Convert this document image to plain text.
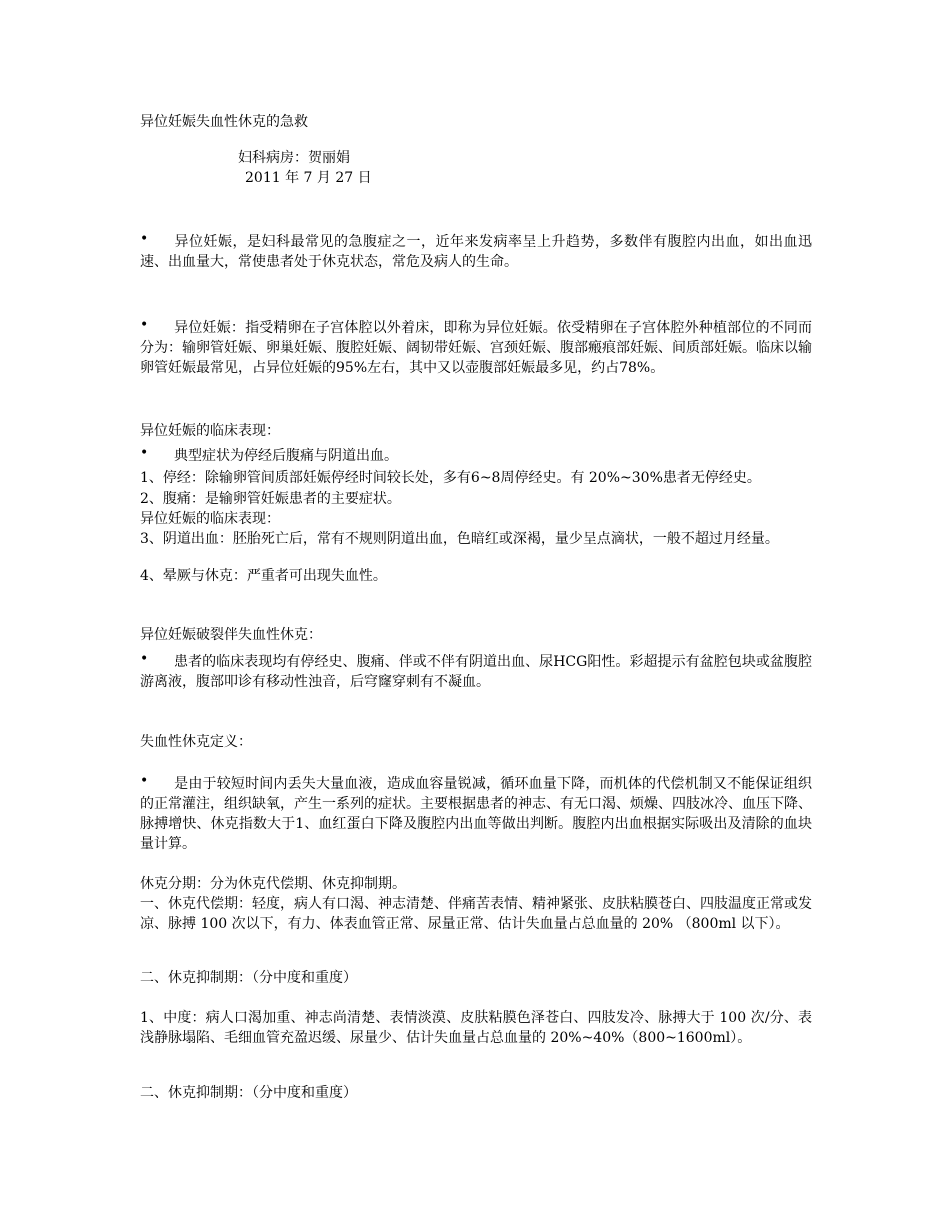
异位妊娠失血性休克的急救

妇科病房：贺丽娟

2011 年 7 月 27 日

• 异位妊娠，是妇科最常见的急腹症之一，近年来发病率呈上升趋势，多数伴有腹腔内出血，如出血迅速、出血量大，常使患者处于休克状态，常危及病人的生命。
• 异位妊娠：指受精卵在子宫体腔以外着床，即称为异位妊娠。依受精卵在子宫体腔外种植部位的不同而分为：输卵管妊娠、卵巢妊娠、腹腔妊娠、阔韧带妊娠、宫颈妊娠、腹部瘢痕部妊娠、间质部妊娠。临床以输卵管妊娠最常见，占异位妊娠的95%左右，其中又以壶腹部妊娠最多见，约占78%。

异位妊娠的临床表现：

• 典型症状为停经后腹痛与阴道出血。

1、停经：除输卵管间质部妊娠停经时间较长处，多有6~8周停经史。有 20%~30%患者无停经史。

2、腹痛：是输卵管妊娠患者的主要症状。

异位妊娠的临床表现：

3、阴道出血：胚胎死亡后，常有不规则阴道出血，色暗红或深褐，量少呈点滴状，一般不超过月经量。

4、晕厥与休克：严重者可出现失血性。

异位妊娠破裂伴失血性休克：

• 患者的临床表现均有停经史、腹痛、伴或不伴有阴道出血、尿HCG阳性。彩超提示有盆腔包块或盆腹腔游离液，腹部叩诊有移动性浊音，后穹窿穿刺有不凝血。

失血性休克定义：

• 是由于较短时间内丢失大量血液，造成血容量锐减，循环血量下降，而机体的代偿机制又不能保证组织的正常灌注，组织缺氧，产生一系列的症状。主要根据患者的神志、有无口渴、烦燥、四肢冰冷、血压下降、脉搏增快、休克指数大于1、血红蛋白下降及腹腔内出血等做出判断。腹腔内出血根据实际吸出及清除的血块量计算。

休克分期：分为休克代偿期、休克抑制期。

一、休克代偿期：轻度，病人有口渴、神志清楚、伴痛苦表情、精神紧张、皮肤粘膜苍白、四肢温度正常或发凉、脉搏 100 次以下，有力、体表血管正常、尿量正常、估计失血量占总血量的 20% （800ml 以下）。

二、休克抑制期：（分中度和重度）

1、中度：病人口渴加重、神志尚清楚、表情淡漠、皮肤粘膜色泽苍白、四肢发冷、脉搏大于 100 次/分、表浅静脉塌陷、毛细血管充盈迟缓、尿量少、估计失血量占总血量的 20%~40%（800~1600ml）。

二、休克抑制期：（分中度和重度）
